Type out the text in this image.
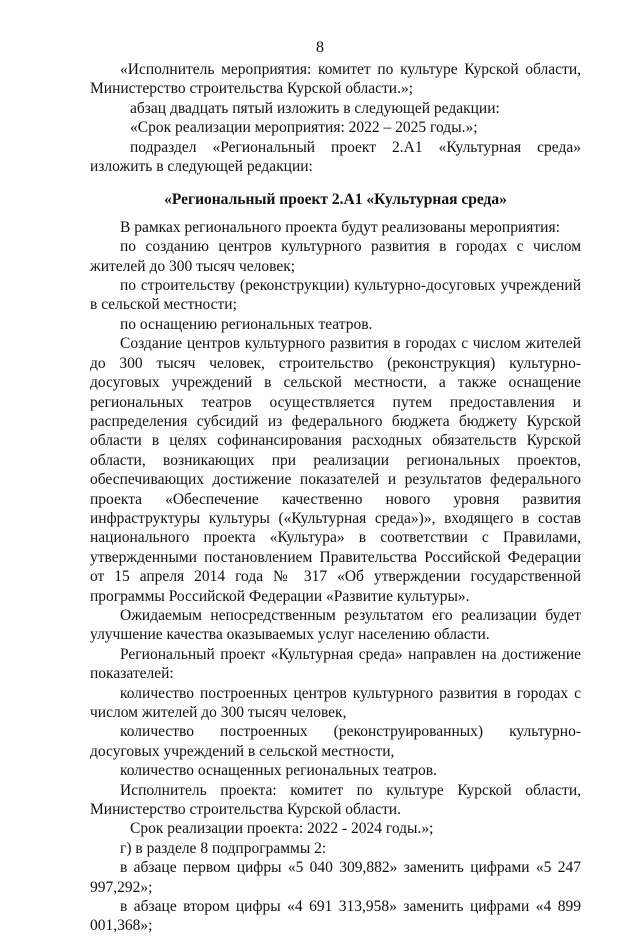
8

«Исполнитель мероприятия: комитет по культуре Курской области, Министерство строительства Курской области.»;

абзац двадцать пятый изложить в следующей редакции:

«Срок реализации мероприятия: 2022 – 2025 годы.»;

подраздел «Региональный проект 2.А1 «Культурная среда» изложить в следующей редакции:

«Региональный проект 2.А1 «Культурная среда»

В рамках регионального проекта будут реализованы мероприятия:

по созданию центров культурного развития в городах с числом жителей до 300 тысяч человек;

по строительству (реконструкции) культурно-досуговых учреждений в сельской местности;

по оснащению региональных театров.

Создание центров культурного развития в городах с числом жителей до 300 тысяч человек, строительство (реконструкция) культурно-досуговых учреждений в сельской местности, а также оснащение региональных театров осуществляется путем предоставления и распределения субсидий из федерального бюджета бюджету Курской области в целях софинансирования расходных обязательств Курской области, возникающих при реализации региональных проектов, обеспечивающих достижение показателей и результатов федерального проекта «Обеспечение качественно нового уровня развития инфраструктуры культуры («Культурная среда»)», входящего в состав национального проекта «Культура» в соответствии с Правилами, утвержденными постановлением Правительства Российской Федерации от 15 апреля 2014 года № 317 «Об утверждении государственной программы Российской Федерации «Развитие культуры».

Ожидаемым непосредственным результатом его реализации будет улучшение качества оказываемых услуг населению области.

Региональный проект «Культурная среда» направлен на достижение показателей:

количество построенных центров культурного развития в городах с числом жителей до 300 тысяч человек,

количество построенных (реконструированных) культурно-досуговых учреждений в сельской местности,

количество оснащенных региональных театров.

Исполнитель проекта: комитет по культуре Курской области, Министерство строительства Курской области.

Срок реализации проекта: 2022 - 2024 годы.»;

г) в разделе 8 подпрограммы 2:

в абзаце первом цифры «5 040 309,882» заменить цифрами «5 247 997,292»;

в абзаце втором цифры «4 691 313,958» заменить цифрами «4 899 001,368»;
